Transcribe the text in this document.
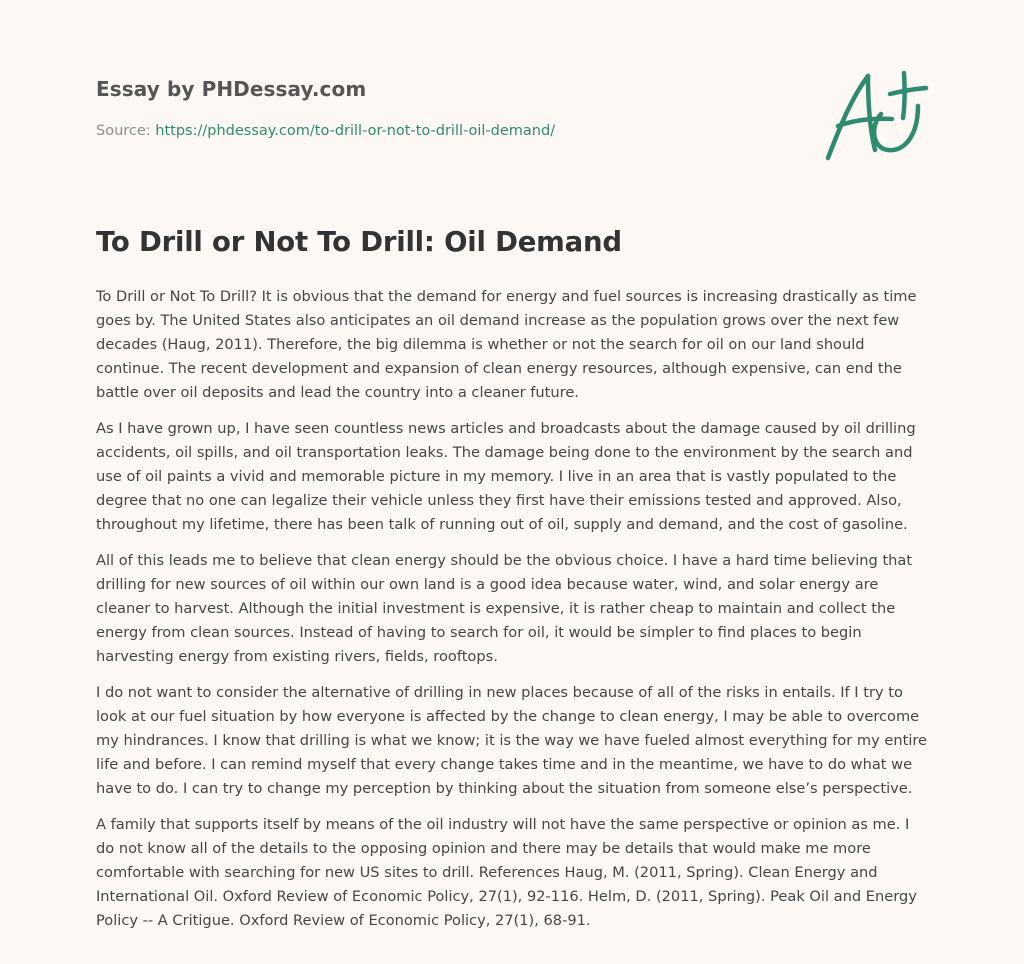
Essay by PHDessay.com
Source: https://phdessay.com/to-drill-or-not-to-drill-oil-demand/
To Drill or Not To Drill: Oil Demand

To Drill or Not To Drill? It is obvious that the demand for energy and fuel sources is increasing drastically as time goes by. The United States also anticipates an oil demand increase as the population grows over the next few decades (Haug, 2011). Therefore, the big dilemma is whether or not the search for oil on our land should continue. The recent development and expansion of clean energy resources, although expensive, can end the battle over oil deposits and lead the country into a cleaner future.

As I have grown up, I have seen countless news articles and broadcasts about the damage caused by oil drilling accidents, oil spills, and oil transportation leaks. The damage being done to the environment by the search and use of oil paints a vivid and memorable picture in my memory. I live in an area that is vastly populated to the degree that no one can legalize their vehicle unless they first have their emissions tested and approved. Also, throughout my lifetime, there has been talk of running out of oil, supply and demand, and the cost of gasoline.

All of this leads me to believe that clean energy should be the obvious choice. I have a hard time believing that drilling for new sources of oil within our own land is a good idea because water, wind, and solar energy are cleaner to harvest. Although the initial investment is expensive, it is rather cheap to maintain and collect the energy from clean sources. Instead of having to search for oil, it would be simpler to find places to begin harvesting energy from existing rivers, fields, rooftops.

I do not want to consider the alternative of drilling in new places because of all of the risks in entails. If I try to look at our fuel situation by how everyone is affected by the change to clean energy, I may be able to overcome my hindrances. I know that drilling is what we know; it is the way we have fueled almost everything for my entire life and before. I can remind myself that every change takes time and in the meantime, we have to do what we have to do. I can try to change my perception by thinking about the situation from someone else’s perspective.

A family that supports itself by means of the oil industry will not have the same perspective or opinion as me. I do not know all of the details to the opposing opinion and there may be details that would make me more comfortable with searching for new US sites to drill. References Haug, M. (2011, Spring). Clean Energy and International Oil. Oxford Review of Economic Policy, 27(1), 92-116. Helm, D. (2011, Spring). Peak Oil and Energy Policy -- A Critigue. Oxford Review of Economic Policy, 27(1), 68-91.
